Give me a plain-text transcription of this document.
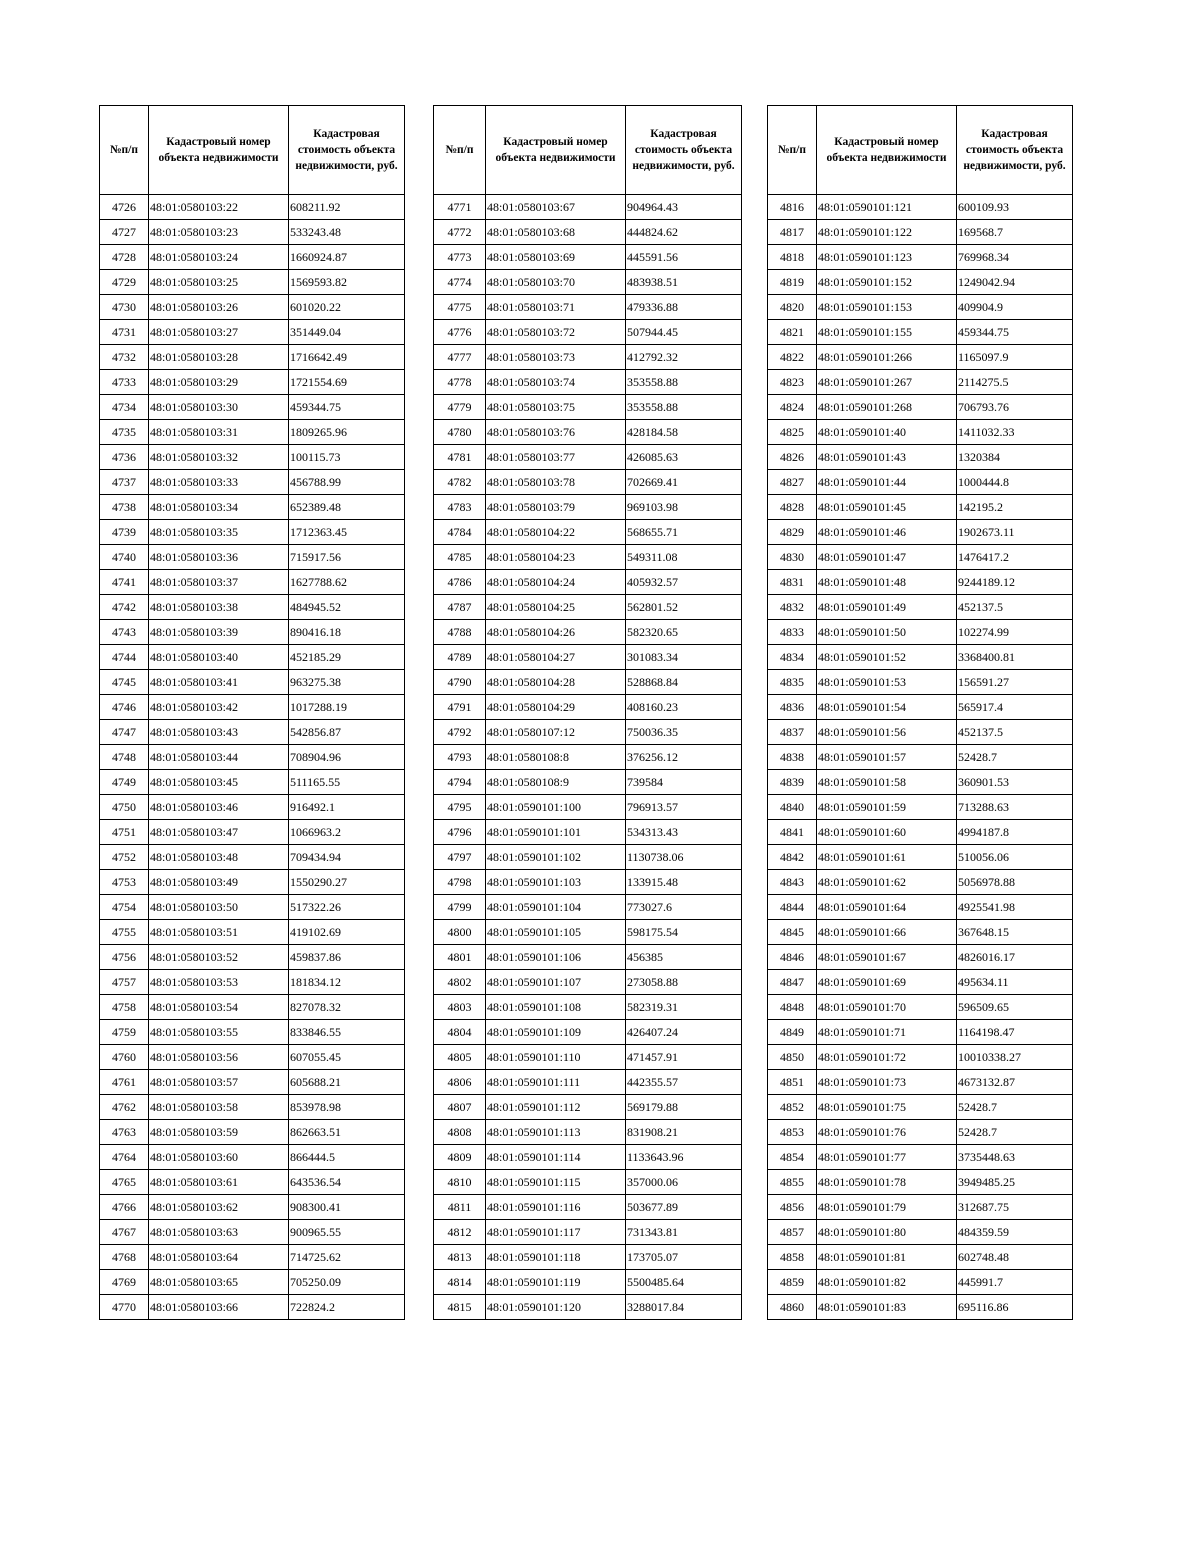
№п/п	Кадастровый номер объекта недвижимости	Кадастровая стоимость объекта недвижимости, руб.
4726	48:01:0580103:22	608211.92
4727	48:01:0580103:23	533243.48
4728	48:01:0580103:24	1660924.87
4729	48:01:0580103:25	1569593.82
4730	48:01:0580103:26	601020.22
4731	48:01:0580103:27	351449.04
4732	48:01:0580103:28	1716642.49
4733	48:01:0580103:29	1721554.69
4734	48:01:0580103:30	459344.75
4735	48:01:0580103:31	1809265.96
4736	48:01:0580103:32	100115.73
4737	48:01:0580103:33	456788.99
4738	48:01:0580103:34	652389.48
4739	48:01:0580103:35	1712363.45
4740	48:01:0580103:36	715917.56
4741	48:01:0580103:37	1627788.62
4742	48:01:0580103:38	484945.52
4743	48:01:0580103:39	890416.18
4744	48:01:0580103:40	452185.29
4745	48:01:0580103:41	963275.38
4746	48:01:0580103:42	1017288.19
4747	48:01:0580103:43	542856.87
4748	48:01:0580103:44	708904.96
4749	48:01:0580103:45	511165.55
4750	48:01:0580103:46	916492.1
4751	48:01:0580103:47	1066963.2
4752	48:01:0580103:48	709434.94
4753	48:01:0580103:49	1550290.27
4754	48:01:0580103:50	517322.26
4755	48:01:0580103:51	419102.69
4756	48:01:0580103:52	459837.86
4757	48:01:0580103:53	181834.12
4758	48:01:0580103:54	827078.32
4759	48:01:0580103:55	833846.55
4760	48:01:0580103:56	607055.45
4761	48:01:0580103:57	605688.21
4762	48:01:0580103:58	853978.98
4763	48:01:0580103:59	862663.51
4764	48:01:0580103:60	866444.5
4765	48:01:0580103:61	643536.54
4766	48:01:0580103:62	908300.41
4767	48:01:0580103:63	900965.55
4768	48:01:0580103:64	714725.62
4769	48:01:0580103:65	705250.09
4770	48:01:0580103:66	722824.2
№п/п	Кадастровый номер объекта недвижимости	Кадастровая стоимость объекта недвижимости, руб.
4771	48:01:0580103:67	904964.43
4772	48:01:0580103:68	444824.62
4773	48:01:0580103:69	445591.56
4774	48:01:0580103:70	483938.51
4775	48:01:0580103:71	479336.88
4776	48:01:0580103:72	507944.45
4777	48:01:0580103:73	412792.32
4778	48:01:0580103:74	353558.88
4779	48:01:0580103:75	353558.88
4780	48:01:0580103:76	428184.58
4781	48:01:0580103:77	426085.63
4782	48:01:0580103:78	702669.41
4783	48:01:0580103:79	969103.98
4784	48:01:0580104:22	568655.71
4785	48:01:0580104:23	549311.08
4786	48:01:0580104:24	405932.57
4787	48:01:0580104:25	562801.52
4788	48:01:0580104:26	582320.65
4789	48:01:0580104:27	301083.34
4790	48:01:0580104:28	528868.84
4791	48:01:0580104:29	408160.23
4792	48:01:0580107:12	750036.35
4793	48:01:0580108:8	376256.12
4794	48:01:0580108:9	739584
4795	48:01:0590101:100	796913.57
4796	48:01:0590101:101	534313.43
4797	48:01:0590101:102	1130738.06
4798	48:01:0590101:103	133915.48
4799	48:01:0590101:104	773027.6
4800	48:01:0590101:105	598175.54
4801	48:01:0590101:106	456385
4802	48:01:0590101:107	273058.88
4803	48:01:0590101:108	582319.31
4804	48:01:0590101:109	426407.24
4805	48:01:0590101:110	471457.91
4806	48:01:0590101:111	442355.57
4807	48:01:0590101:112	569179.88
4808	48:01:0590101:113	831908.21
4809	48:01:0590101:114	1133643.96
4810	48:01:0590101:115	357000.06
4811	48:01:0590101:116	503677.89
4812	48:01:0590101:117	731343.81
4813	48:01:0590101:118	173705.07
4814	48:01:0590101:119	5500485.64
4815	48:01:0590101:120	3288017.84
№п/п	Кадастровый номер объекта недвижимости	Кадастровая стоимость объекта недвижимости, руб.
4816	48:01:0590101:121	600109.93
4817	48:01:0590101:122	169568.7
4818	48:01:0590101:123	769968.34
4819	48:01:0590101:152	1249042.94
4820	48:01:0590101:153	409904.9
4821	48:01:0590101:155	459344.75
4822	48:01:0590101:266	1165097.9
4823	48:01:0590101:267	2114275.5
4824	48:01:0590101:268	706793.76
4825	48:01:0590101:40	1411032.33
4826	48:01:0590101:43	1320384
4827	48:01:0590101:44	1000444.8
4828	48:01:0590101:45	142195.2
4829	48:01:0590101:46	1902673.11
4830	48:01:0590101:47	1476417.2
4831	48:01:0590101:48	9244189.12
4832	48:01:0590101:49	452137.5
4833	48:01:0590101:50	102274.99
4834	48:01:0590101:52	3368400.81
4835	48:01:0590101:53	156591.27
4836	48:01:0590101:54	565917.4
4837	48:01:0590101:56	452137.5
4838	48:01:0590101:57	52428.7
4839	48:01:0590101:58	360901.53
4840	48:01:0590101:59	713288.63
4841	48:01:0590101:60	4994187.8
4842	48:01:0590101:61	510056.06
4843	48:01:0590101:62	5056978.88
4844	48:01:0590101:64	4925541.98
4845	48:01:0590101:66	367648.15
4846	48:01:0590101:67	4826016.17
4847	48:01:0590101:69	495634.11
4848	48:01:0590101:70	596509.65
4849	48:01:0590101:71	1164198.47
4850	48:01:0590101:72	10010338.27
4851	48:01:0590101:73	4673132.87
4852	48:01:0590101:75	52428.7
4853	48:01:0590101:76	52428.7
4854	48:01:0590101:77	3735448.63
4855	48:01:0590101:78	3949485.25
4856	48:01:0590101:79	312687.75
4857	48:01:0590101:80	484359.59
4858	48:01:0590101:81	602748.48
4859	48:01:0590101:82	445991.7
4860	48:01:0590101:83	695116.86
